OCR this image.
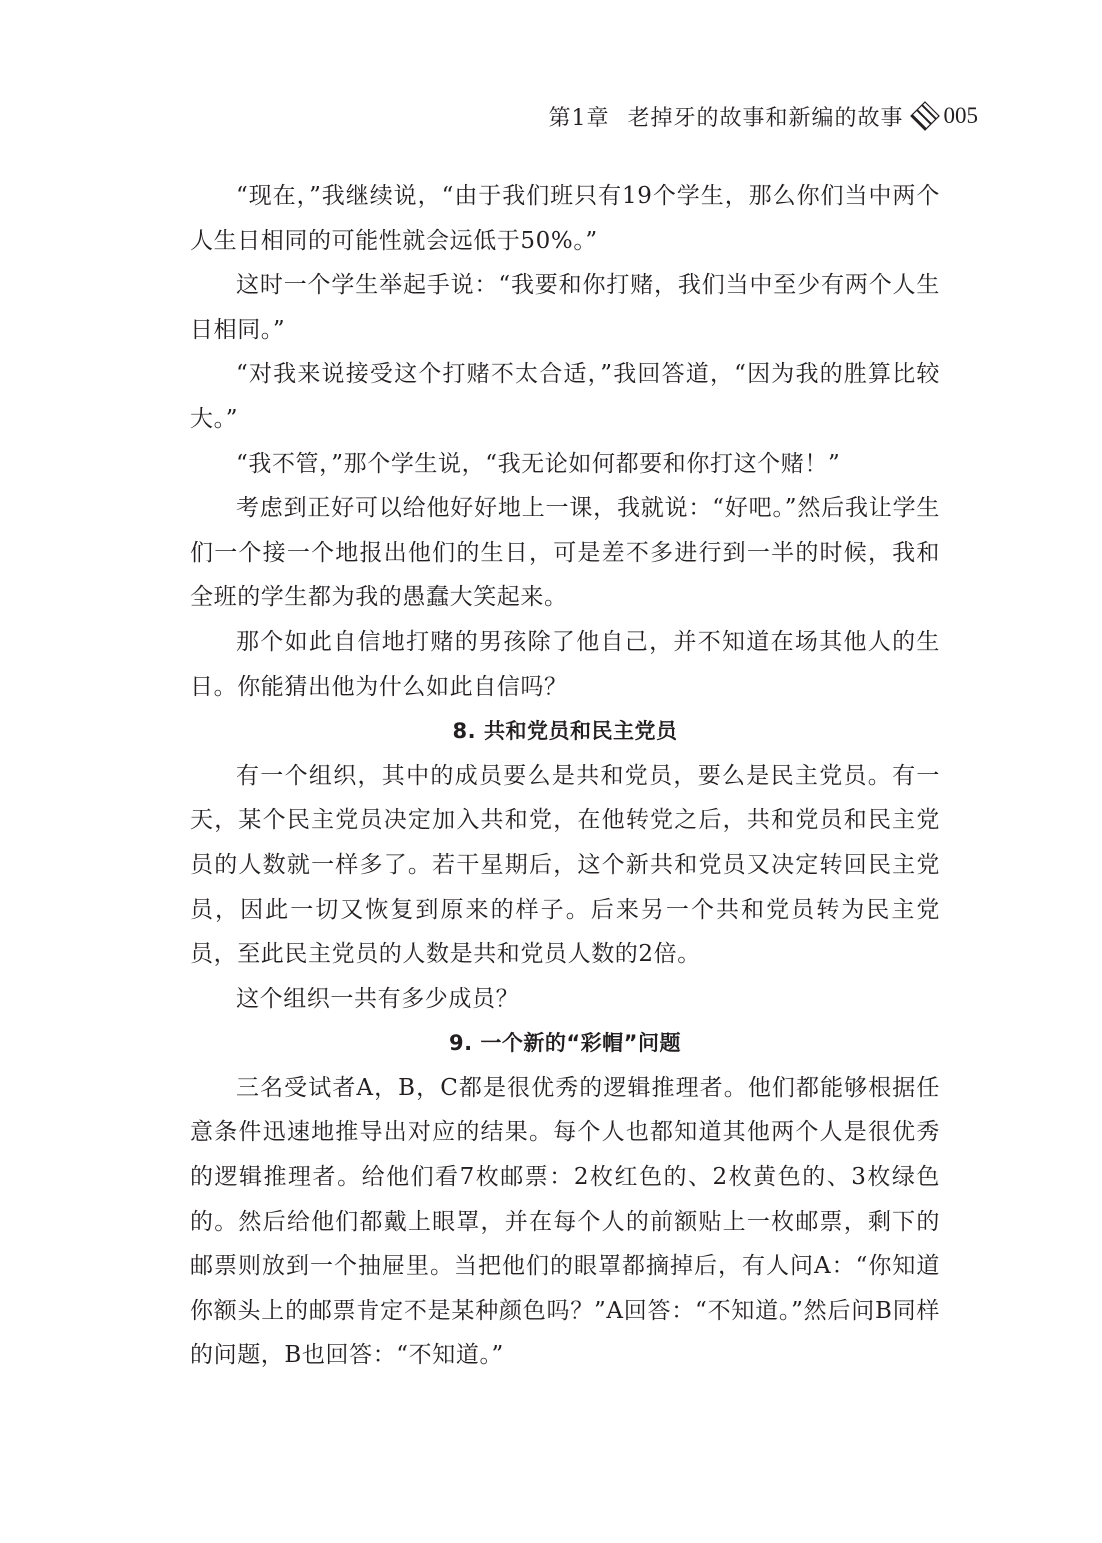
第1章 老掉牙的故事和新编的故事 005

“现在，”我继续说，“由于我们班只有19个学生，那么你们当中两个人生日相同的可能性就会远低于50%。”

这时一个学生举起手说：“我要和你打赌，我们当中至少有两个人生日相同。”

“对我来说接受这个打赌不太合适，”我回答道，“因为我的胜算比较大。”

“我不管，”那个学生说，“我无论如何都要和你打这个赌！”

考虑到正好可以给他好好地上一课，我就说：“好吧。”然后我让学生们一个接一个地报出他们的生日，可是差不多进行到一半的时候，我和全班的学生都为我的愚蠢大笑起来。

那个如此自信地打赌的男孩除了他自己，并不知道在场其他人的生日。你能猜出他为什么如此自信吗？

8. 共和党员和民主党员

有一个组织，其中的成员要么是共和党员，要么是民主党员。有一天，某个民主党员决定加入共和党，在他转党之后，共和党员和民主党员的人数就一样多了。若干星期后，这个新共和党员又决定转回民主党员，因此一切又恢复到原来的样子。后来另一个共和党员转为民主党员，至此民主党员的人数是共和党员人数的2倍。

这个组织一共有多少成员？

9. 一个新的“彩帽”问题

三名受试者A，B，C都是很优秀的逻辑推理者。他们都能够根据任意条件迅速地推导出对应的结果。每个人也都知道其他两个人是很优秀的逻辑推理者。给他们看7枚邮票：2枚红色的、2枚黄色的、3枚绿色的。然后给他们都戴上眼罩，并在每个人的前额贴上一枚邮票，剩下的邮票则放到一个抽屉里。当把他们的眼罩都摘掉后，有人问A：“你知道你额头上的邮票肯定不是某种颜色吗？”A回答：“不知道。”然后问B同样的问题，B也回答：“不知道。”
